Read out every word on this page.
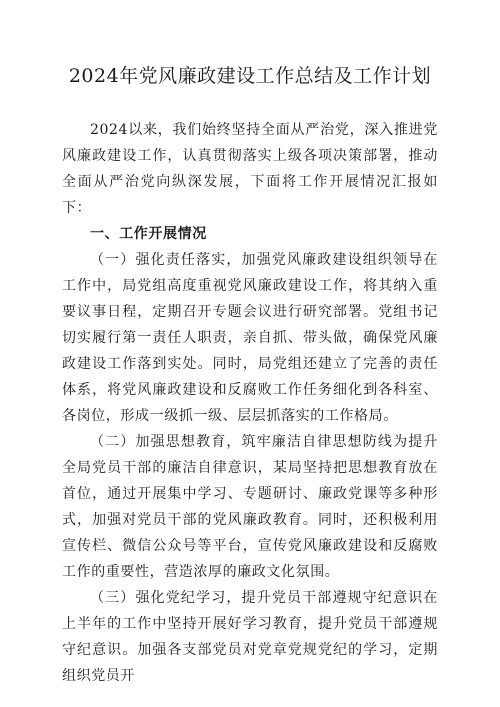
2024年党风廉政建设工作总结及工作计划

2024以来，我们始终坚持全面从严治党，深入推进党风廉政建设工作，认真贯彻落实上级各项决策部署，推动全面从严治党向纵深发展，下面将工作开展情况汇报如下：

一、工作开展情况

（一）强化责任落实，加强党风廉政建设组织领导在工作中，局党组高度重视党风廉政建设工作，将其纳入重要议事日程，定期召开专题会议进行研究部署。党组书记切实履行第一责任人职责，亲自抓、带头做，确保党风廉政建设工作落到实处。同时，局党组还建立了完善的责任体系，将党风廉政建设和反腐败工作任务细化到各科室、各岗位，形成一级抓一级、层层抓落实的工作格局。

（二）加强思想教育，筑牢廉洁自律思想防线为提升全局党员干部的廉洁自律意识，某局坚持把思想教育放在首位，通过开展集中学习、专题研讨、廉政党课等多种形式，加强对党员干部的党风廉政教育。同时，还积极利用宣传栏、微信公众号等平台，宣传党风廉政建设和反腐败工作的重要性，营造浓厚的廉政文化氛围。

（三）强化党纪学习，提升党员干部遵规守纪意识在上半年的工作中坚持开展好学习教育，提升党员干部遵规守纪意识。加强各支部党员对党章党规党纪的学习，定期组织党员开
